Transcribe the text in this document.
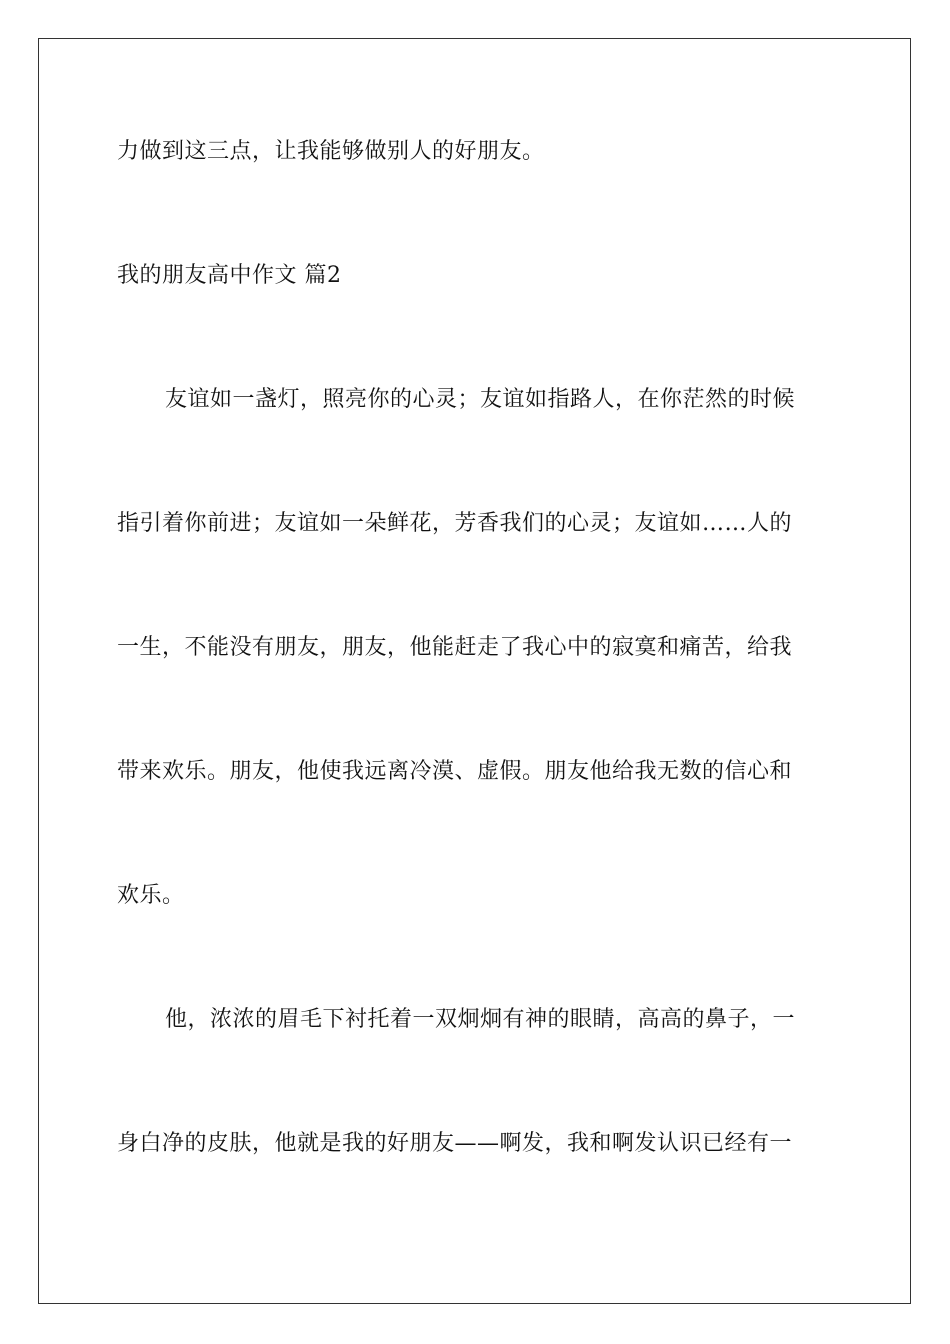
力做到这三点，让我能够做别人的好朋友。
我的朋友高中作文 篇2
友谊如一盏灯，照亮你的心灵；友谊如指路人，在你茫然的时候
指引着你前进；友谊如一朵鲜花，芳香我们的心灵；友谊如……人的
一生，不能没有朋友，朋友，他能赶走了我心中的寂寞和痛苦，给我
带来欢乐。朋友，他使我远离冷漠、虚假。朋友他给我无数的信心和
欢乐。
他，浓浓的眉毛下衬托着一双炯炯有神的眼睛，高高的鼻子，一
身白净的皮肤，他就是我的好朋友——啊发，我和啊发认识已经有一
